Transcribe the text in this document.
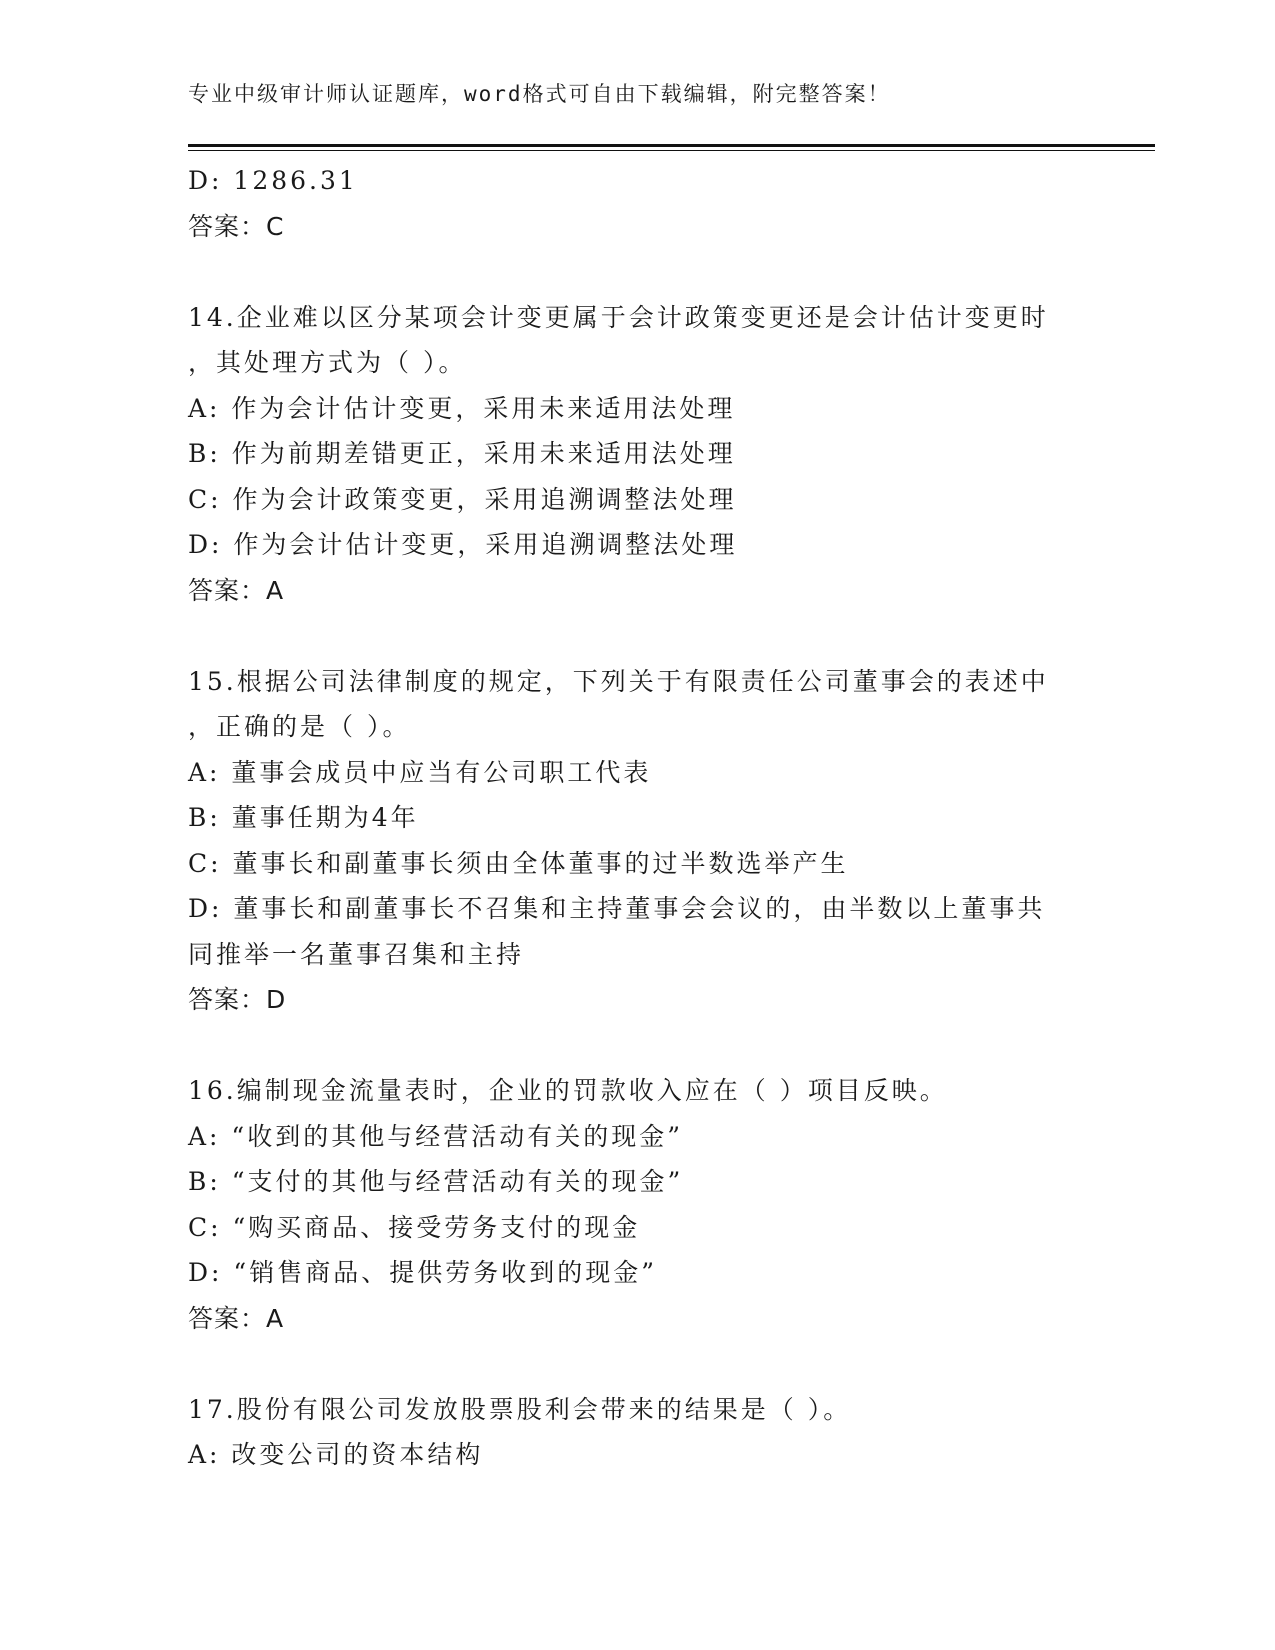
专业中级审计师认证题库，word格式可自由下载编辑，附完整答案！
D: 1286.31
答案：C
14.企业难以区分某项会计变更属于会计政策变更还是会计估计变更时
，其处理方式为（ ）。
A: 作为会计估计变更，采用未来适用法处理
B: 作为前期差错更正，采用未来适用法处理
C: 作为会计政策变更，采用追溯调整法处理
D: 作为会计估计变更，采用追溯调整法处理
答案：A
15.根据公司法律制度的规定，下列关于有限责任公司董事会的表述中
，正确的是（ ）。
A: 董事会成员中应当有公司职工代表
B: 董事任期为4年
C: 董事长和副董事长须由全体董事的过半数选举产生
D: 董事长和副董事长不召集和主持董事会会议的，由半数以上董事共
同推举一名董事召集和主持
答案：D
16.编制现金流量表时，企业的罚款收入应在（ ）项目反映。
A: “收到的其他与经营活动有关的现金”
B: “支付的其他与经营活动有关的现金”
C: “购买商品、接受劳务支付的现金
D: “销售商品、提供劳务收到的现金”
答案：A
17.股份有限公司发放股票股利会带来的结果是（ ）。
A: 改变公司的资本结构
